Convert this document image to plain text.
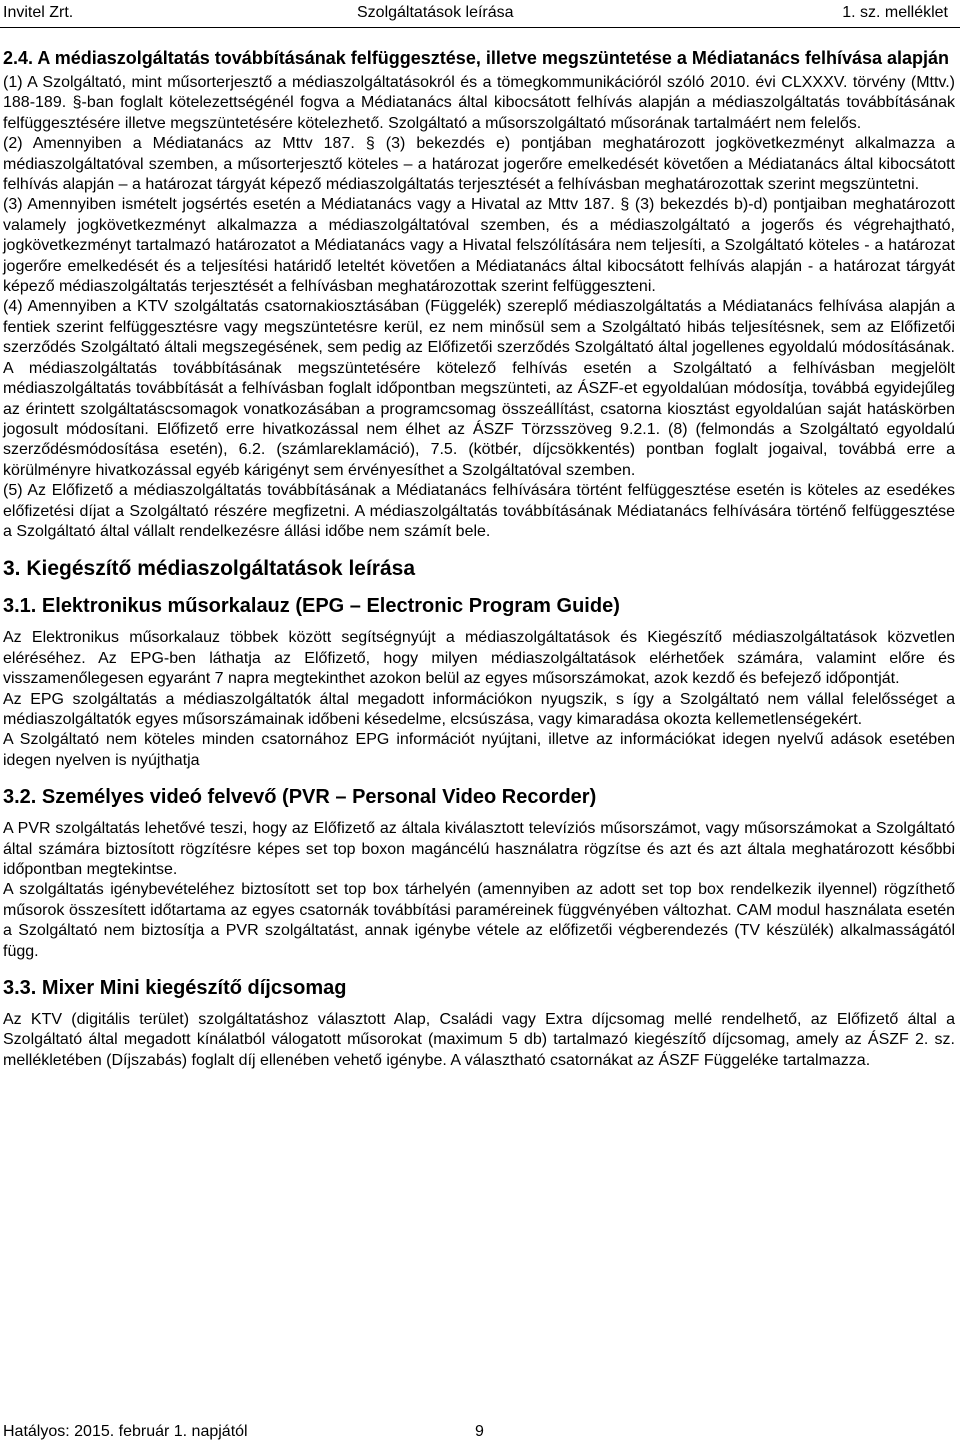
Invitel Zrt.	Szolgáltatások leírása	1. sz. melléklet
2.4. A médiaszolgáltatás továbbításának felfüggesztése, illetve megszüntetése a Médiatanács felhívása alapján

(1) A Szolgáltató, mint műsorterjesztő a médiaszolgáltatásokról és a tömegkommunikációról szóló 2010. évi CLXXXV. törvény (Mttv.) 188-189. §-ban foglalt kötelezettségénél fogva a Médiatanács által kibocsátott felhívás alapján a médiaszolgáltatás továbbításának felfüggesztésére illetve megszüntetésére kötelezhető. Szolgáltató a műsorszolgáltató műsorának tartalmáért nem felelős.

(2) Amennyiben a Médiatanács az Mttv 187. § (3) bekezdés e) pontjában meghatározott jogkövetkezményt alkalmazza a médiaszolgáltatóval szemben, a műsorterjesztő köteles – a határozat jogerőre emelkedését követően a Médiatanács által kibocsátott felhívás alapján – a határozat tárgyát képező médiaszolgáltatás terjesztését a felhívásban meghatározottak szerint megszüntetni.

(3) Amennyiben ismételt jogsértés esetén a Médiatanács vagy a Hivatal az Mttv 187. § (3) bekezdés b)-d) pontjaiban meghatározott valamely jogkövetkezményt alkalmazza a médiaszolgáltatóval szemben, és a médiaszolgáltató a jogerős és végrehajtható, jogkövetkezményt tartalmazó határozatot a Médiatanács vagy a Hivatal felszólítására nem teljesíti, a Szolgáltató köteles - a határozat jogerőre emelkedését és a teljesítési határidő leteltét követően a Médiatanács által kibocsátott felhívás alapján - a határozat tárgyát képező médiaszolgáltatás terjesztését a felhívásban meghatározottak szerint felfüggeszteni.

(4) Amennyiben a KTV szolgáltatás csatornakiosztásában (Függelék) szereplő médiaszolgáltatás a Médiatanács felhívása alapján a fentiek szerint felfüggesztésre vagy megszüntetésre kerül, ez nem minősül sem a Szolgáltató hibás teljesítésnek, sem az Előfizetői szerződés Szolgáltató általi megszegésének, sem pedig az Előfizetői szerződés Szolgáltató által jogellenes egyoldalú módosításának. A médiaszolgáltatás továbbításának megszüntetésére kötelező felhívás esetén a Szolgáltató a felhívásban megjelölt médiaszolgáltatás továbbítását a felhívásban foglalt időpontban megszünteti, az ÁSZF-et egyoldalúan módosítja, továbbá egyidejűleg az érintett szolgáltatáscsomagok vonatkozásában a programcsomag összeállítást, csatorna kiosztást egyoldalúan saját hatáskörben jogosult módosítani. Előfizető erre hivatkozással nem élhet az ÁSZF Törzsszöveg 9.2.1. (8) (felmondás a Szolgáltató egyoldalú szerződésmódosítása esetén), 6.2. (számlareklamáció), 7.5. (kötbér, díjcsökkentés) pontban foglalt jogaival, továbbá erre a körülményre hivatkozással egyéb kárigényt sem érvényesíthet a Szolgáltatóval szemben.

(5) Az Előfizető a médiaszolgáltatás továbbításának a Médiatanács felhívására történt felfüggesztése esetén is köteles az esedékes előfizetési díjat a Szolgáltató részére megfizetni. A médiaszolgáltatás továbbításának Médiatanács felhívására történő felfüggesztése a Szolgáltató által vállalt rendelkezésre állási időbe nem számít bele.

3. Kiegészítő médiaszolgáltatások leírása
3.1. Elektronikus műsorkalauz (EPG – Electronic Program Guide)

Az Elektronikus műsorkalauz többek között segítségnyújt a médiaszolgáltatások és Kiegészítő médiaszolgáltatások közvetlen eléréséhez. Az EPG-ben láthatja az Előfizető, hogy milyen médiaszolgáltatások elérhetőek számára, valamint előre és visszamenőlegesen egyaránt 7 napra megtekinthet azokon belül az egyes műsorszámokat, azok kezdő és befejező időpontját.

Az EPG szolgáltatás a médiaszolgáltatók által megadott információkon nyugszik, s így a Szolgáltató nem vállal felelősséget a médiaszolgáltatók egyes műsorszámainak időbeni késedelme, elcsúszása, vagy kimaradása okozta kellemetlenségekért.

A Szolgáltató nem köteles minden csatornához EPG információt nyújtani, illetve az információkat idegen nyelvű adások esetében idegen nyelven is nyújthatja

3.2. Személyes videó felvevő (PVR – Personal Video Recorder)

A PVR szolgáltatás lehetővé teszi, hogy az Előfizető az általa kiválasztott televíziós műsorszámot, vagy műsorszámokat a Szolgáltató által számára biztosított rögzítésre képes set top boxon magáncélú használatra rögzítse és azt és azt általa meghatározott későbbi időpontban megtekintse.

A szolgáltatás igénybevételéhez biztosított set top box tárhelyén (amennyiben az adott set top box rendelkezik ilyennel) rögzíthető műsorok összesített időtartama az egyes csatornák továbbítási paraméreinek függvényében változhat. CAM modul használata esetén a Szolgáltató nem biztosítja a PVR szolgáltatást, annak igénybe vétele az előfizetői végberendezés (TV készülék) alkalmasságától függ.

3.3. Mixer Mini kiegészítő díjcsomag

Az KTV (digitális terület) szolgáltatáshoz választott Alap, Családi vagy Extra díjcsomag mellé rendelhető, az Előfizető által a Szolgáltató által megadott kínálatból válogatott műsorokat (maximum 5 db) tartalmazó kiegészítő díjcsomag, amely az ÁSZF 2. sz. mellékletében (Díjszabás) foglalt díj ellenében vehető igénybe. A választható csatornákat az ÁSZF Függeléke tartalmazza.

Hatályos: 2015. február 1. napjától	9
